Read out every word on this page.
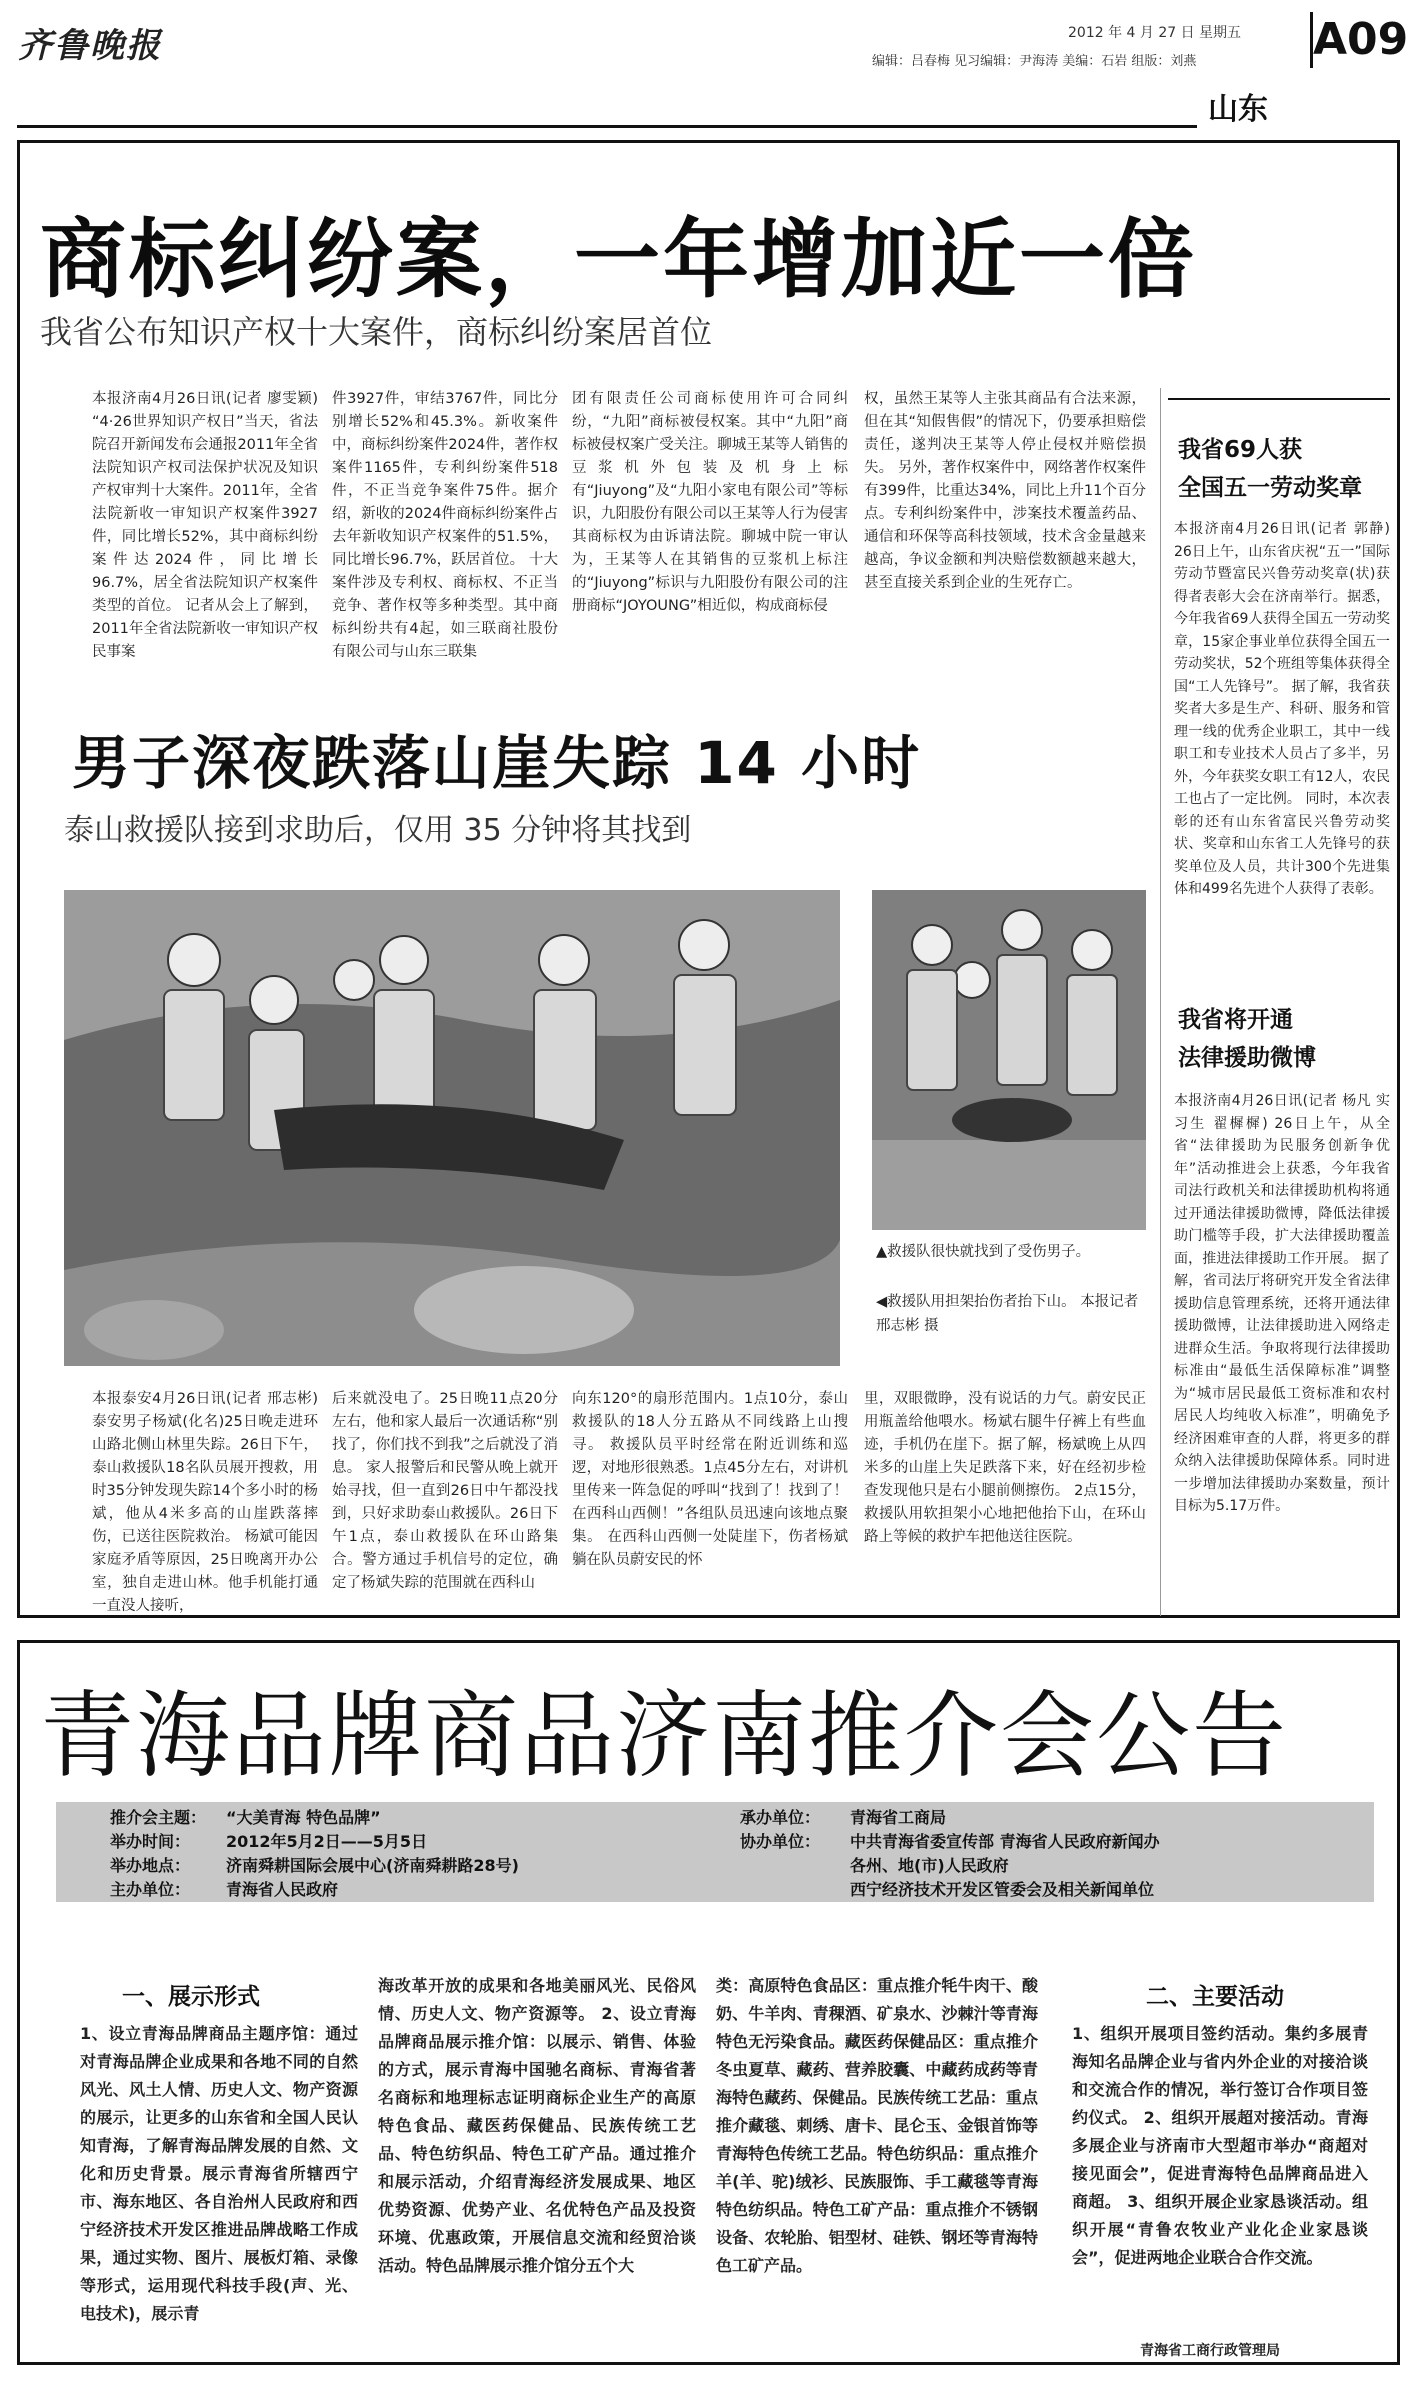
齐鲁晚报	2012 年 4 月 27 日 星期五
编辑：吕春梅 见习编辑：尹海涛 美编：石岩 组版：刘燕	A09
山东
商标纠纷案，一年增加近一倍
我省公布知识产权十大案件，商标纠纷案居首位
本报济南4月26日讯(记者 廖雯颖) “4·26世界知识产权日”当天，省法院召开新闻发布会通报2011年全省法院知识产权司法保护状况及知识产权审判十大案件。2011年，全省法院新收一审知识产权案件3927件，同比增长52%，其中商标纠纷案件达2024件，同比增长96.7%，居全省法院知识产权案件类型的首位。 记者从会上了解到，2011年全省法院新收一审知识产权民事案
件3927件，审结3767件，同比分别增长52%和45.3%。新收案件中，商标纠纷案件2024件，著作权案件1165件，专利纠纷案件518件，不正当竞争案件75件。据介绍，新收的2024件商标纠纷案件占去年新收知识产权案件的51.5%，同比增长96.7%，跃居首位。 十大案件涉及专利权、商标权、不正当竞争、著作权等多种类型。其中商标纠纷共有4起，如三联商社股份有限公司与山东三联集
团有限责任公司商标使用许可合同纠纷，“九阳”商标被侵权案。其中“九阳”商标被侵权案广受关注。聊城王某等人销售的豆浆机外包装及机身上标有“Jiuyong”及“九阳小家电有限公司”等标识，九阳股份有限公司以王某等人行为侵害其商标权为由诉请法院。聊城中院一审认为，王某等人在其销售的豆浆机上标注的“Jiuyong”标识与九阳股份有限公司的注册商标“JOYOUNG”相近似，构成商标侵
权，虽然王某等人主张其商品有合法来源，但在其“知假售假”的情况下，仍要承担赔偿责任，遂判决王某等人停止侵权并赔偿损失。 另外，著作权案件中，网络著作权案件有399件，比重达34%，同比上升11个百分点。专利纠纷案件中，涉案技术覆盖药品、通信和环保等高科技领域，技术含金量越来越高，争议金额和判决赔偿数额越来越大，甚至直接关系到企业的生死存亡。
男子深夜跌落山崖失踪 14 小时
泰山救援队接到求助后，仅用 35 分钟将其找到
▲救援队很快就找到了受伤男子。
◀救援队用担架抬伤者抬下山。 本报记者 邢志彬 摄
本报泰安4月26日讯(记者 邢志彬) 泰安男子杨斌(化名)25日晚走进环山路北侧山林里失踪。26日下午，泰山救援队18名队员展开搜救，用时35分钟发现失踪14个多小时的杨斌，他从4米多高的山崖跌落摔伤，已送往医院救治。 杨斌可能因家庭矛盾等原因，25日晚离开办公室，独自走进山林。他手机能打通一直没人接听，
后来就没电了。25日晚11点20分左右，他和家人最后一次通话称“别找了，你们找不到我”之后就没了消息。 家人报警后和民警从晚上就开始寻找，但一直到26日中午都没找到，只好求助泰山救援队。26日下午1点，泰山救援队在环山路集合。警方通过手机信号的定位，确定了杨斌失踪的范围就在西科山
向东120°的扇形范围内。1点10分，泰山救援队的18人分五路从不同线路上山搜寻。 救援队员平时经常在附近训练和巡逻，对地形很熟悉。1点45分左右，对讲机里传来一阵急促的呼叫“找到了！找到了！在西科山西侧！”各组队员迅速向该地点聚集。 在西科山西侧一处陡崖下，伤者杨斌躺在队员蔚安民的怀
里，双眼微睁，没有说话的力气。蔚安民正用瓶盖给他喂水。杨斌右腿牛仔裤上有些血迹，手机仍在崖下。据了解，杨斌晚上从四米多的山崖上失足跌落下来，好在经初步检查发现他只是右小腿前侧擦伤。 2点15分，救援队用软担架小心地把他抬下山，在环山路上等候的救护车把他送往医院。
我省69人获
全国五一劳动奖章
本报济南4月26日讯(记者 郭静) 26日上午，山东省庆祝“五一”国际劳动节暨富民兴鲁劳动奖章(状)获得者表彰大会在济南举行。据悉，今年我省69人获得全国五一劳动奖章，15家企事业单位获得全国五一劳动奖状，52个班组等集体获得全国“工人先锋号”。 据了解，我省获奖者大多是生产、科研、服务和管理一线的优秀企业职工，其中一线职工和专业技术人员占了多半，另外，今年获奖女职工有12人，农民工也占了一定比例。 同时，本次表彰的还有山东省富民兴鲁劳动奖状、奖章和山东省工人先锋号的获奖单位及人员，共计300个先进集体和499名先进个人获得了表彰。
我省将开通
法律援助微博
本报济南4月26日讯(记者 杨凡 实习生 翟樨樨) 26日上午，从全省“法律援助为民服务创新争优年”活动推进会上获悉，今年我省司法行政机关和法律援助机构将通过开通法律援助微博，降低法律援助门槛等手段，扩大法律援助覆盖面，推进法律援助工作开展。 据了解，省司法厅将研究开发全省法律援助信息管理系统，还将开通法律援助微博，让法律援助进入网络走进群众生活。争取将现行法律援助标准由“最低生活保障标准”调整为“城市居民最低工资标准和农村居民人均纯收入标准”，明确免予经济困难审查的人群，将更多的群众纳入法律援助保障体系。同时进一步增加法律援助办案数量，预计目标为5.17万件。
青海品牌商品济南推介会公告
推介会主题： “大美青海 特色品牌”
举办时间： 2012年5月2日——5月5日
举办地点： 济南舜耕国际会展中心(济南舜耕路28号)
主办单位： 青海省人民政府
承办单位： 青海省工商局
协办单位： 中共青海省委宣传部 青海省人民政府新闻办
各州、地(市)人民政府
西宁经济技术开发区管委会及相关新闻单位
一、展示形式
1、设立青海品牌商品主题序馆：通过对青海品牌企业成果和各地不同的自然风光、风土人情、历史人文、物产资源的展示，让更多的山东省和全国人民认知青海，了解青海品牌发展的自然、文化和历史背景。展示青海省所辖西宁市、海东地区、各自治州人民政府和西宁经济技术开发区推进品牌战略工作成果，通过实物、图片、展板灯箱、录像等形式，运用现代科技手段(声、光、电技术)，展示青
海改革开放的成果和各地美丽风光、民俗风情、历史人文、物产资源等。 2、设立青海品牌商品展示推介馆：以展示、销售、体验的方式，展示青海中国驰名商标、青海省著名商标和地理标志证明商标企业生产的高原特色食品、藏医药保健品、民族传统工艺品、特色纺织品、特色工矿产品。通过推介和展示活动，介绍青海经济发展成果、地区优势资源、优势产业、名优特色产品及投资环境、优惠政策，开展信息交流和经贸洽谈活动。特色品牌展示推介馆分五个大
类：高原特色食品区：重点推介牦牛肉干、酸奶、牛羊肉、青稞酒、矿泉水、沙棘汁等青海特色无污染食品。藏医药保健品区：重点推介冬虫夏草、藏药、营养胶囊、中藏药成药等青海特色藏药、保健品。民族传统工艺品：重点推介藏毯、刺绣、唐卡、昆仑玉、金银首饰等青海特色传统工艺品。特色纺织品：重点推介羊(羊、驼)绒衫、民族服饰、手工藏毯等青海特色纺织品。特色工矿产品：重点推介不锈钢设备、农轮胎、铝型材、硅铁、钢坯等青海特色工矿产品。
二、主要活动
1、组织开展项目签约活动。集约多展青海知名品牌企业与省内外企业的对接洽谈和交流合作的情况，举行签订合作项目签约仪式。 2、组织开展超对接活动。青海多展企业与济南市大型超市举办“商超对接见面会”，促进青海特色品牌商品进入商超。 3、组织开展企业家恳谈活动。组织开展“青鲁农牧业产业化企业家恳谈会”，促进两地企业联合合作交流。
青海省工商行政管理局
